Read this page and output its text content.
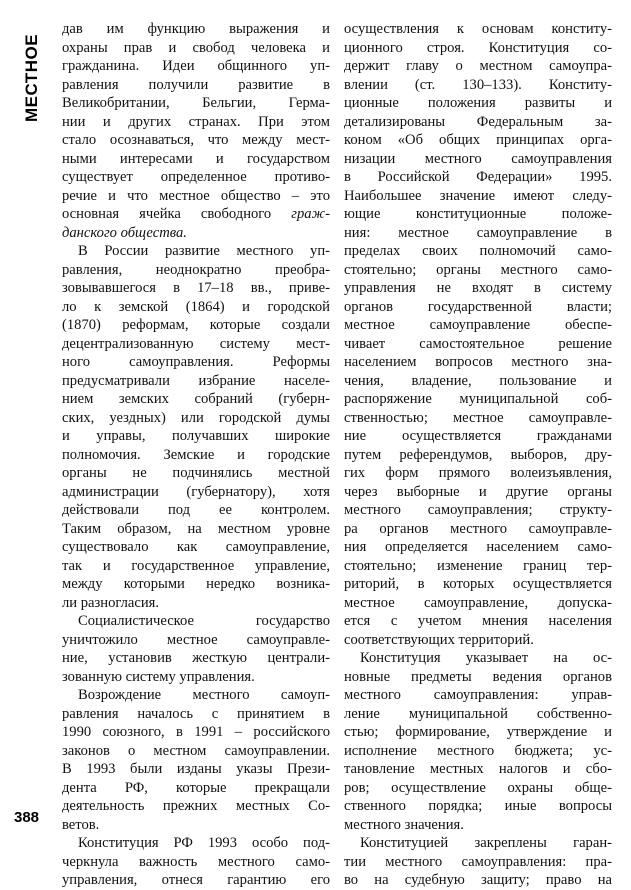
МЕСТНОЕ
дав им функцию выражения и
охраны прав и свобод человека и
гражданина. Идеи общинного уп-
равления получили развитие в
Великобритании, Бельгии, Герма-
нии и других странах. При этом
стало осознаваться, что между мест-
ными интересами и государством
существует определенное противо-
речие и что местное общество – это
основная ячейка свободного граж-
данского общества.
В России развитие местного уп-
равления, неоднократно преобра-
зовывавшегося в 17–18 вв., приве-
ло к земской (1864) и городской
(1870) реформам, которые создали
децентрализованную систему мест-
ного самоуправления. Реформы
предусматривали избрание населе-
нием земских собраний (губерн-
ских, уездных) или городской думы
и управы, получавших широкие
полномочия. Земские и городские
органы не подчинялись местной
администрации (губернатору), хотя
действовали под ее контролем.
Таким образом, на местном уровне
существовало как самоуправление,
так и государственное управление,
между которыми нередко возника-
ли разногласия.
Социалистическое государство
уничтожило местное самоуправле-
ние, установив жесткую централи-
зованную систему управления.
Возрождение местного самоуп-
равления началось с принятием в
1990 союзного, в 1991 – российского
законов о местном самоуправлении.
В 1993 были изданы указы Прези-
дента РФ, которые прекращали
деятельность прежних местных Со-
ветов.
Конституция РФ 1993 особо под-
черкнула важность местного само-
управления, отнеся гарантию его
осуществления к основам конститу-
ционного строя. Конституция со-
держит главу о местном самоупра-
влении (ст. 130–133). Конститу-
ционные положения развиты и
детализированы Федеральным за-
коном «Об общих принципах орга-
низации местного самоуправления
в Российской Федерации» 1995.
Наибольшее значение имеют следу-
ющие конституционные положе-
ния: местное самоуправление в
пределах своих полномочий само-
стоятельно; органы местного само-
управления не входят в систему
органов государственной власти;
местное самоуправление обеспе-
чивает самостоятельное решение
населением вопросов местного зна-
чения, владение, пользование и
распоряжение муниципальной соб-
ственностью; местное самоуправле-
ние осуществляется гражданами
путем референдумов, выборов, дру-
гих форм прямого волеизъявления,
через выборные и другие органы
местного самоуправления; структу-
ра органов местного самоуправле-
ния определяется населением само-
стоятельно; изменение границ тер-
риторий, в которых осуществляется
местное самоуправление, допуска-
ется с учетом мнения населения
соответствующих территорий.
Конституция указывает на ос-
новные предметы ведения органов
местного самоуправления: управ-
ление муниципальной собственно-
стью; формирование, утверждение и
исполнение местного бюджета; ус-
тановление местных налогов и сбо-
ров; осуществление охраны обще-
ственного порядка; иные вопросы
местного значения.
Конституцией закреплены гаран-
тии местного самоуправления: пра-
во на судебную защиту; право на
388
